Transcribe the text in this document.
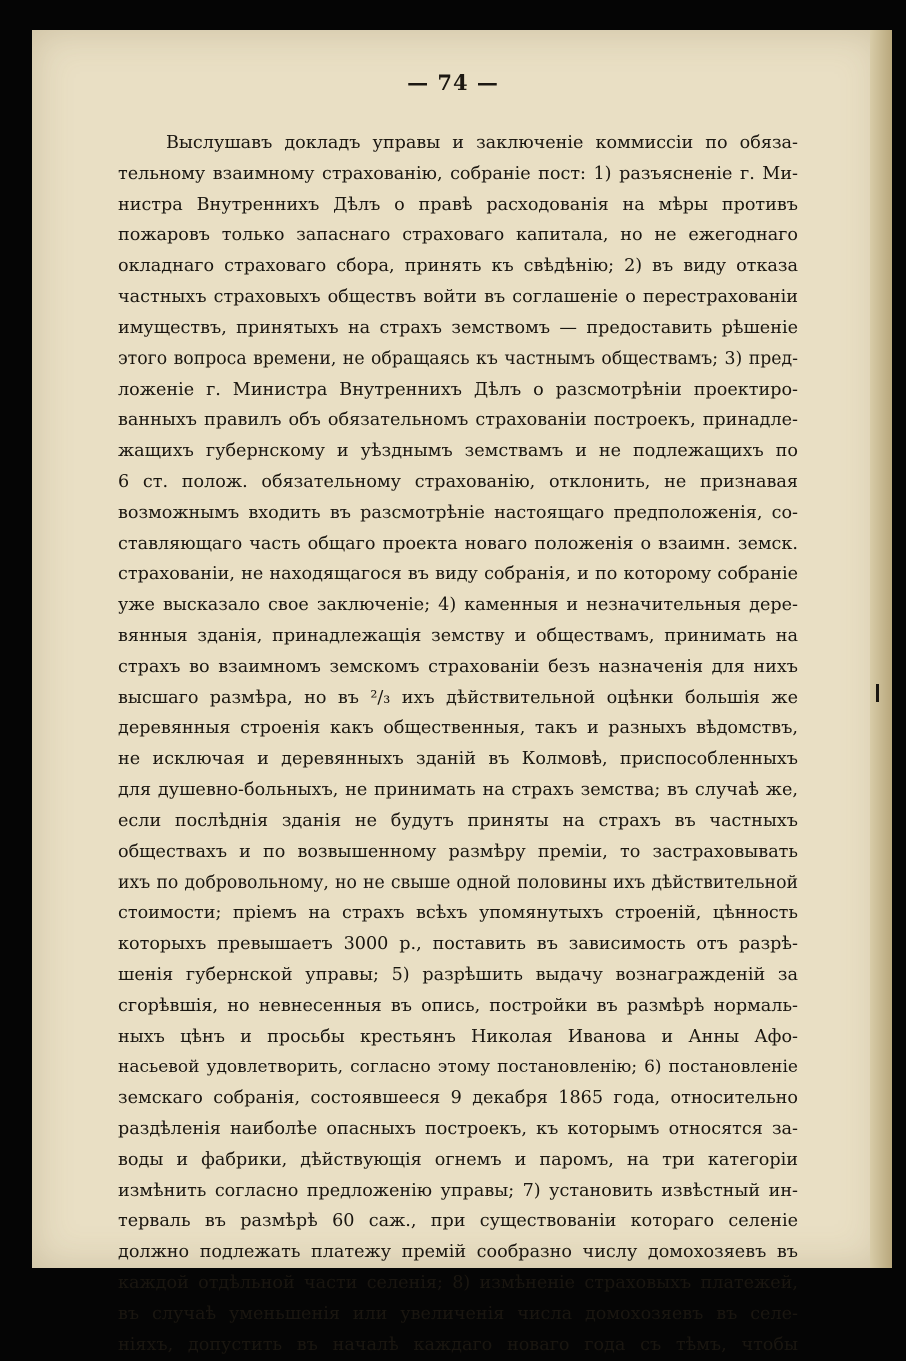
— 74 —
Выслушавъ докладъ управы и заключеніе коммиссіи по обяза-
тельному взаимному страхованію, собраніе пост: 1) разъясненіе г. Ми-
нистра Внутреннихъ Дѣлъ о правѣ расходованія на мѣры противъ
пожаровъ только запаснаго страховаго капитала, но не ежегоднаго
окладнаго страховаго сбора, принять къ свѣдѣнію; 2) въ виду отказа
частныхъ страховыхъ обществъ войти въ соглашеніе о перестрахованіи
имуществъ, принятыхъ на страхъ земствомъ — предоставить рѣшеніе
этого вопроса времени, не обращаясь къ частнымъ обществамъ; 3) пред-
ложеніе г. Министра Внутреннихъ Дѣлъ о разсмотрѣніи проектиро-
ванныхъ правилъ объ обязательномъ страхованіи построекъ, принадле-
жащихъ губернскому и уѣзднымъ земствамъ и не подлежащихъ по
6 ст. полож. обязательному страхованію, отклонить, не признавая
возможнымъ входить въ разсмотрѣніе настоящаго предположенія, со-
ставляющаго часть общаго проекта новаго положенія о взаимн. земск.
страхованіи, не находящагося въ виду собранія, и по которому собраніе
уже высказало свое заключеніе; 4) каменныя и незначительныя дере-
вянныя зданія, принадлежащія земству и обществамъ, принимать на
страхъ во взаимномъ земскомъ страхованіи безъ назначенія для нихъ
высшаго размѣра, но въ ²/₃ ихъ дѣйствительной оцѣнки большія же
деревянныя строенія какъ общественныя, такъ и разныхъ вѣдомствъ,
не исключая и деревянныхъ зданій въ Колмовѣ, приспособленныхъ
для душевно-больныхъ, не принимать на страхъ земства; въ случаѣ же,
если послѣднія зданія не будутъ приняты на страхъ въ частныхъ
обществахъ и по возвышенному размѣру преміи, то застраховывать
ихъ по добровольному, но не свыше одной половины ихъ дѣйствительной
стоимости; пріемъ на страхъ всѣхъ упомянутыхъ строеній, цѣнность
которыхъ превышаетъ 3000 р., поставить въ зависимость отъ разрѣ-
шенія губернской управы; 5) разрѣшить выдачу вознагражденій за
сгорѣвшія, но невнесенныя въ опись, постройки въ размѣрѣ нормаль-
ныхъ цѣнъ и просьбы крестьянъ Николая Иванова и Анны Афо-
насьевой удовлетворить, согласно этому постановленію; 6) постановленіе
земскаго собранія, состоявшееся 9 декабря 1865 года, относительно
раздѣленія наиболѣе опасныхъ построекъ, къ которымъ относятся за-
воды и фабрики, дѣйствующія огнемъ и паромъ, на три категоріи
измѣнить согласно предложенію управы; 7) установить извѣстный ин-
терваль въ размѣрѣ 60 саж., при существованіи котораго селеніе
должно подлежать платежу премій сообразно числу домохозяевъ въ
каждой отдѣльной части селенія; 8) измѣненіе страховыхъ платежей,
въ случаѣ уменьшенія или увеличенія числа домохозяевъ въ селе-
ніяхъ, допустить въ началѣ каждаго новаго года съ тѣмъ, чтобы
